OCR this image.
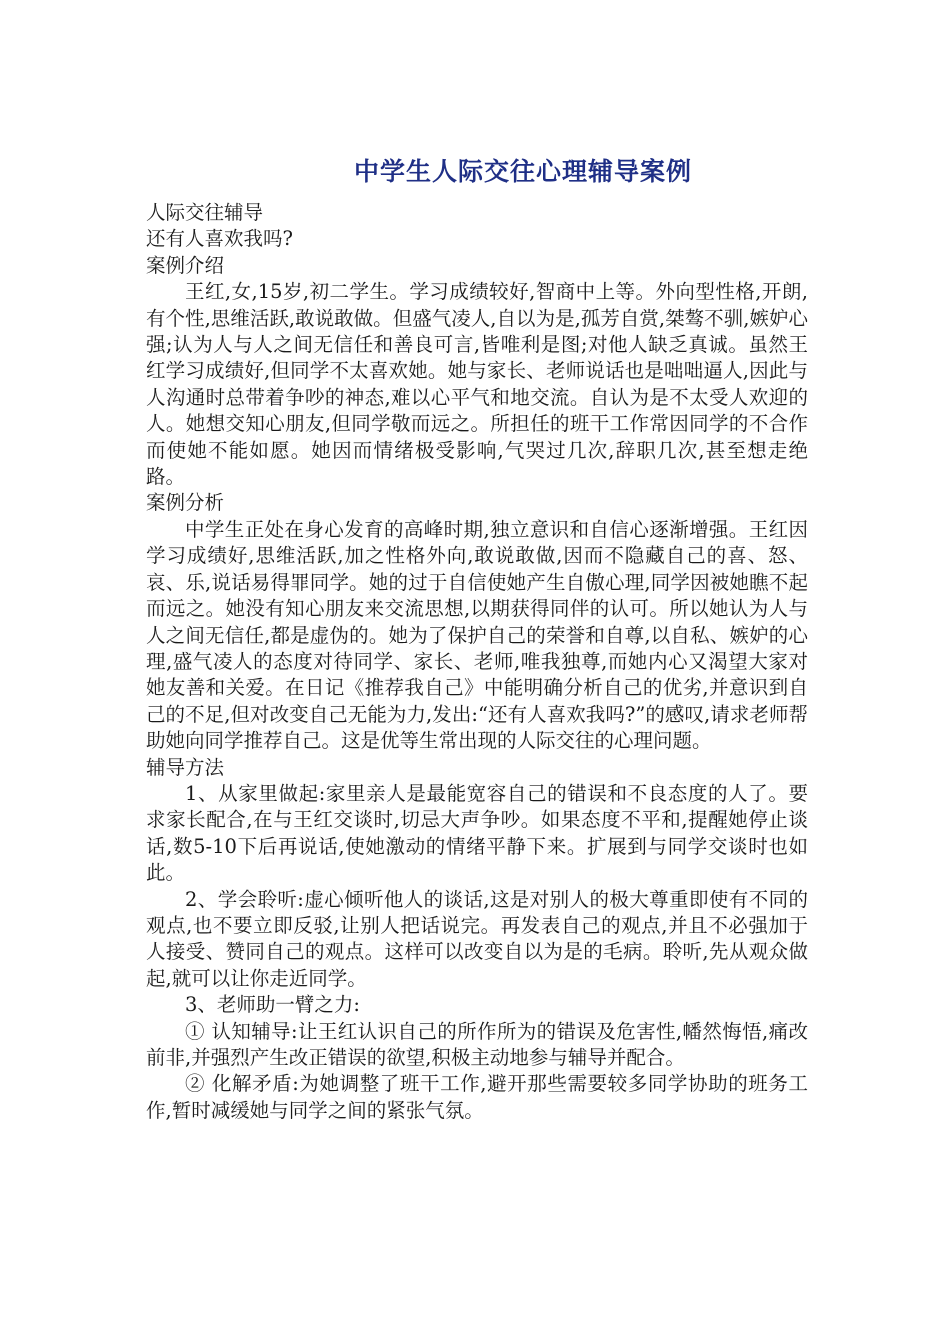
中学生人际交往心理辅导案例

人际交往辅导

还有人喜欢我吗?

案例介绍

王红,女,15岁,初二学生。学习成绩较好,智商中上等。外向型性格,开朗,有个性,思维活跃,敢说敢做。但盛气凌人,自以为是,孤芳自赏,桀骜不驯,嫉妒心强;认为人与人之间无信任和善良可言,皆唯利是图;对他人缺乏真诚。虽然王红学习成绩好,但同学不太喜欢她。她与家长、老师说话也是咄咄逼人,因此与人沟通时总带着争吵的神态,难以心平气和地交流。自认为是不太受人欢迎的人。她想交知心朋友,但同学敬而远之。所担任的班干工作常因同学的不合作而使她不能如愿。她因而情绪极受影响,气哭过几次,辞职几次,甚至想走绝路。

案例分析

中学生正处在身心发育的高峰时期,独立意识和自信心逐渐增强。王红因学习成绩好,思维活跃,加之性格外向,敢说敢做,因而不隐藏自己的喜、怒、哀、乐,说话易得罪同学。她的过于自信使她产生自傲心理,同学因被她瞧不起而远之。她没有知心朋友来交流思想,以期获得同伴的认可。所以她认为人与人之间无信任,都是虚伪的。她为了保护自己的荣誉和自尊,以自私、嫉妒的心理,盛气凌人的态度对待同学、家长、老师,唯我独尊,而她内心又渴望大家对她友善和关爱。在日记《推荐我自己》中能明确分析自己的优劣,并意识到自己的不足,但对改变自己无能为力,发出:“还有人喜欢我吗?”的感叹,请求老师帮助她向同学推荐自己。这是优等生常出现的人际交往的心理问题。

辅导方法

1、从家里做起:家里亲人是最能宽容自己的错误和不良态度的人了。要求家长配合,在与王红交谈时,切忌大声争吵。如果态度不平和,提醒她停止谈话,数5-10下后再说话,使她激动的情绪平静下来。扩展到与同学交谈时也如此。

2、学会聆听:虚心倾听他人的谈话,这是对别人的极大尊重即使有不同的观点,也不要立即反驳,让别人把话说完。再发表自己的观点,并且不必强加于人接受、赞同自己的观点。这样可以改变自以为是的毛病。聆听,先从观众做起,就可以让你走近同学。

3、老师助一臂之力:

① 认知辅导:让王红认识自己的所作所为的错误及危害性,幡然悔悟,痛改前非,并强烈产生改正错误的欲望,积极主动地参与辅导并配合。

② 化解矛盾:为她调整了班干工作,避开那些需要较多同学协助的班务工作,暂时减缓她与同学之间的紧张气氛。
